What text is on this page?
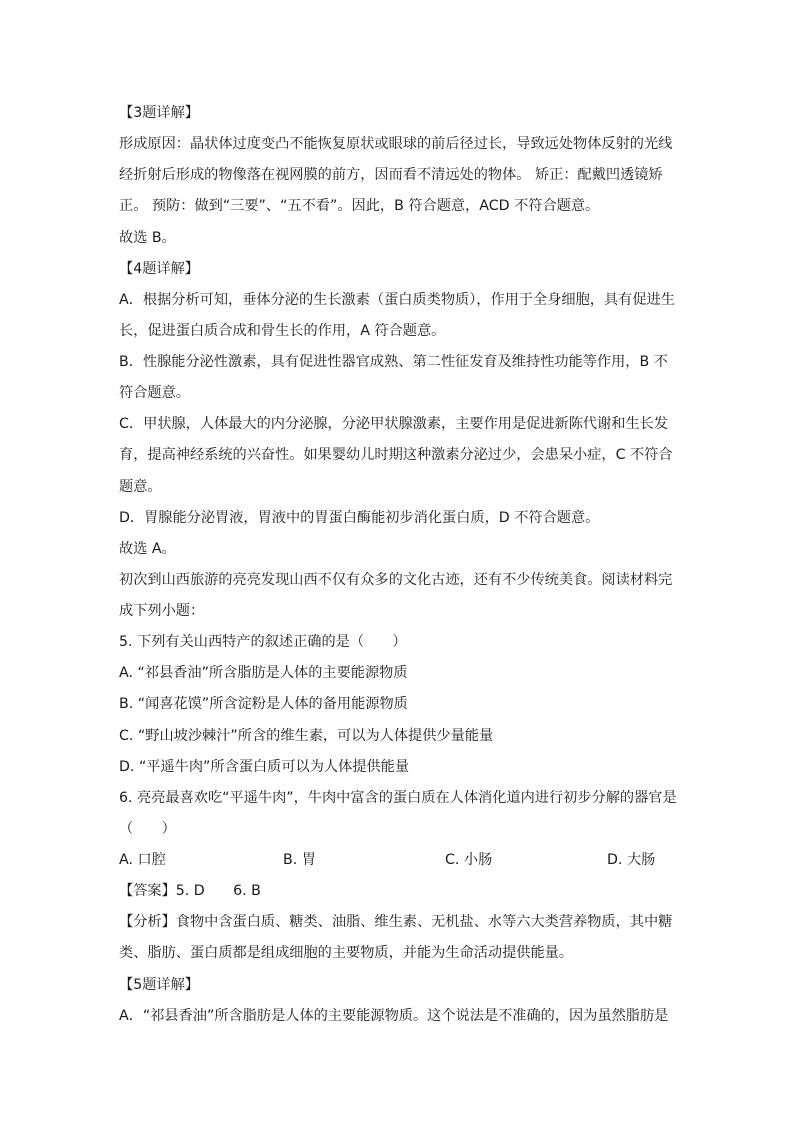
【3题详解】

形成原因：晶状体过度变凸不能恢复原状或眼球的前后径过长，导致远处物体反射的光线

经折射后形成的物像落在视网膜的前方，因而看不清远处的物体。 矫正：配戴凹透镜矫

正。 预防：做到“三要”、“五不看”。因此，B 符合题意，ACD 不符合题意。

故选 B。

【4题详解】

A．根据分析可知，垂体分泌的生长激素（蛋白质类物质），作用于全身细胞，具有促进生

长，促进蛋白质合成和骨生长的作用，A 符合题意。

B．性腺能分泌性激素，具有促进性器官成熟、第二性征发育及维持性功能等作用，B 不

符合题意。

C．甲状腺，人体最大的内分泌腺，分泌甲状腺激素，主要作用是促进新陈代谢和生长发

育，提高神经系统的兴奋性。如果婴幼儿时期这种激素分泌过少，会患呆小症，C 不符合

题意。

D．胃腺能分泌胃液，胃液中的胃蛋白酶能初步消化蛋白质，D 不符合题意。

故选 A。

初次到山西旅游的亮亮发现山西不仅有众多的文化古迹，还有不少传统美食。阅读材料完

成下列小题：

5. 下列有关山西特产的叙述正确的是（　　）

A. “祁县香油”所含脂肪是人体的主要能源物质

B. “闻喜花馍”所含淀粉是人体的备用能源物质

C. “野山坡沙棘汁”所含的维生素，可以为人体提供少量能量

D. “平遥牛肉”所含蛋白质可以为人体提供能量

6. 亮亮最喜欢吃“平遥牛肉”，牛肉中富含的蛋白质在人体消化道内进行初步分解的器官是

（　　）

A. 口腔	B. 胃	C. 小肠	D. 大肠

【答案】5. D　　6. B

【分析】食物中含蛋白质、糖类、油脂、维生素、无机盐、水等六大类营养物质，其中糖

类、脂肪、蛋白质都是组成细胞的主要物质，并能为生命活动提供能量。

【5题详解】

A．“祁县香油”所含脂肪是人体的主要能源物质。这个说法是不准确的，因为虽然脂肪是
